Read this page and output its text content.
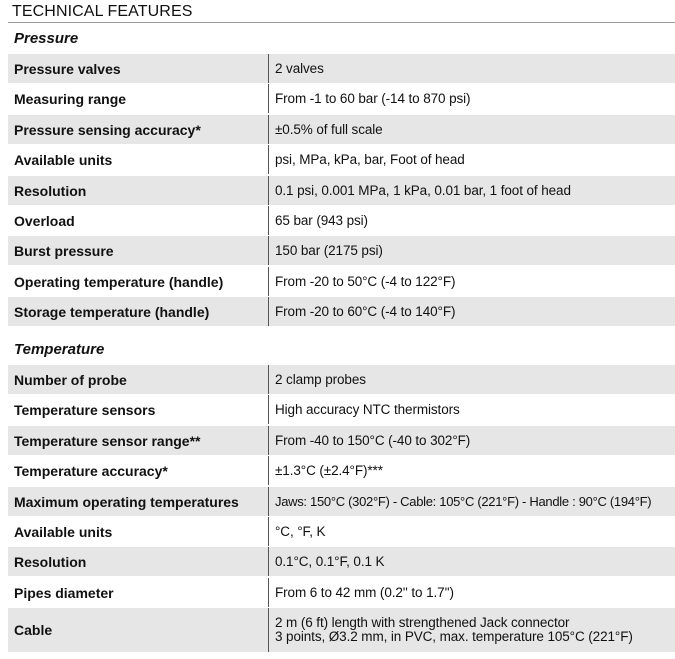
TECHNICAL FEATURES
Pressure
Pressure valves	2 valves
Measuring range	From -1 to 60 bar (-14 to 870 psi)
Pressure sensing accuracy*	±0.5% of full scale
Available units	psi, MPa, kPa, bar, Foot of head
Resolution	0.1 psi, 0.001 MPa, 1 kPa, 0.01 bar, 1 foot of head
Overload	65 bar (943 psi)
Burst pressure	150 bar (2175 psi)
Operating temperature (handle)	From -20 to 50°C (-4 to 122°F)
Storage temperature (handle)	From -20 to 60°C (-4 to 140°F)
Temperature
Number of probe	2 clamp probes
Temperature sensors	High accuracy NTC thermistors
Temperature sensor range**	From -40 to 150°C (-40 to 302°F)
Temperature accuracy*	±1.3°C (±2.4°F)***
Maximum operating temperatures	Jaws: 150°C (302°F) - Cable: 105°C (221°F) - Handle : 90°C (194°F)
Available units	°C, °F, K
Resolution	0.1°C, 0.1°F, 0.1 K
Pipes diameter	From 6 to 42 mm (0.2'' to 1.7'')
Cable	2 m (6 ft) length with strengthened Jack connector
3 points, Ø3.2 mm, in PVC, max. temperature 105°C (221°F)
